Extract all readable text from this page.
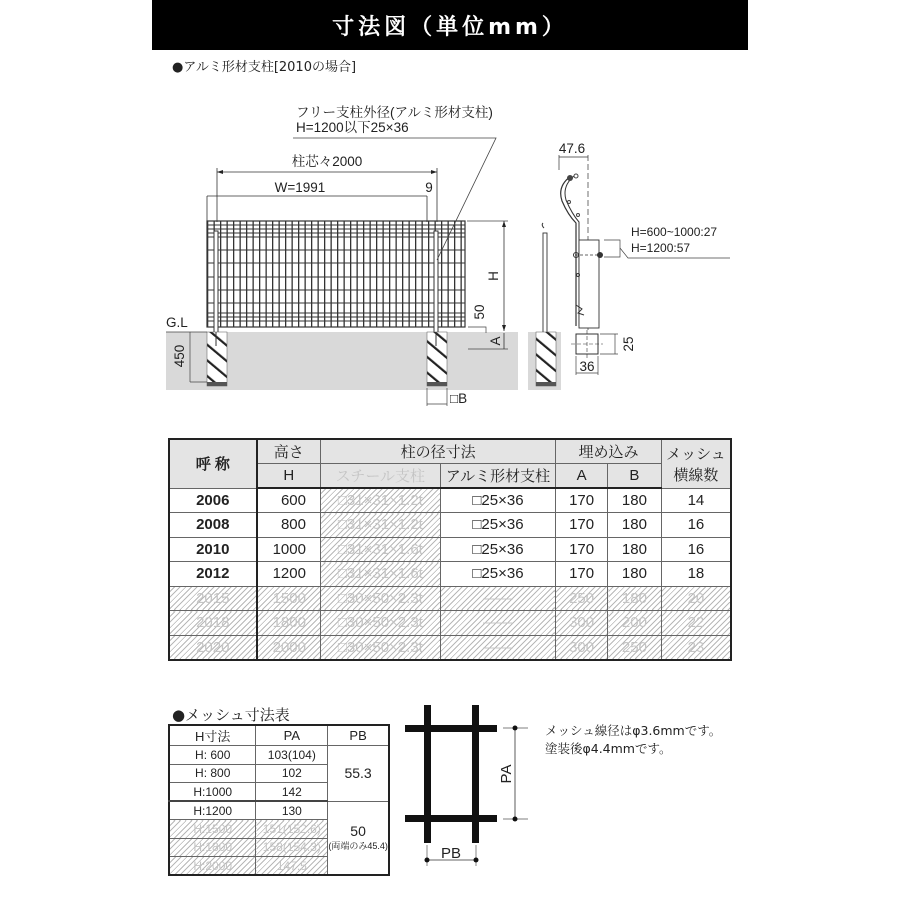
寸法図（単位mm）
●アルミ形材支柱[2010の場合]
フリー支柱外径(アルミ形材支柱)
H=1200以下25×36
柱芯々2000
W=1991	9
H
50
A
G.L
450
□B
47.6
H=600~1000:27
H=1200:57
25
36
呼 称	高さ	柱の径寸法		埋め込み		メッシュ
横線数
	H	スチール支柱	アルミ形材支柱	A	B	
2006	600	□31×31×1.2t	□25×36	170	180	14
2008	800	□31×31×1.2t	□25×36	170	180	16
2010	1000	□31×31×1.6t	□25×36	170	180	16
2012	1200	□31×31×1.6t	□25×36	170	180	18
2015	1500	□30×50×2.3t	――	250	180	20
2018	1800	□30×50×2.3t	――	300	200	22
2020	2000	□30×50×2.3t	――	300	250	23
●メッシュ寸法表
H寸法	PA	PB
H: 600	103(104)	55.3
H: 800	102	
H:1000	142	
H:1200	130	50
(両端のみ45.4)

H:1500	151(152.6)	
H:1800	158(154.3)	
H:2000	147.5	
PA
PB
メッシュ線径はφ3.6mmです。
塗装後φ4.4mmです。
